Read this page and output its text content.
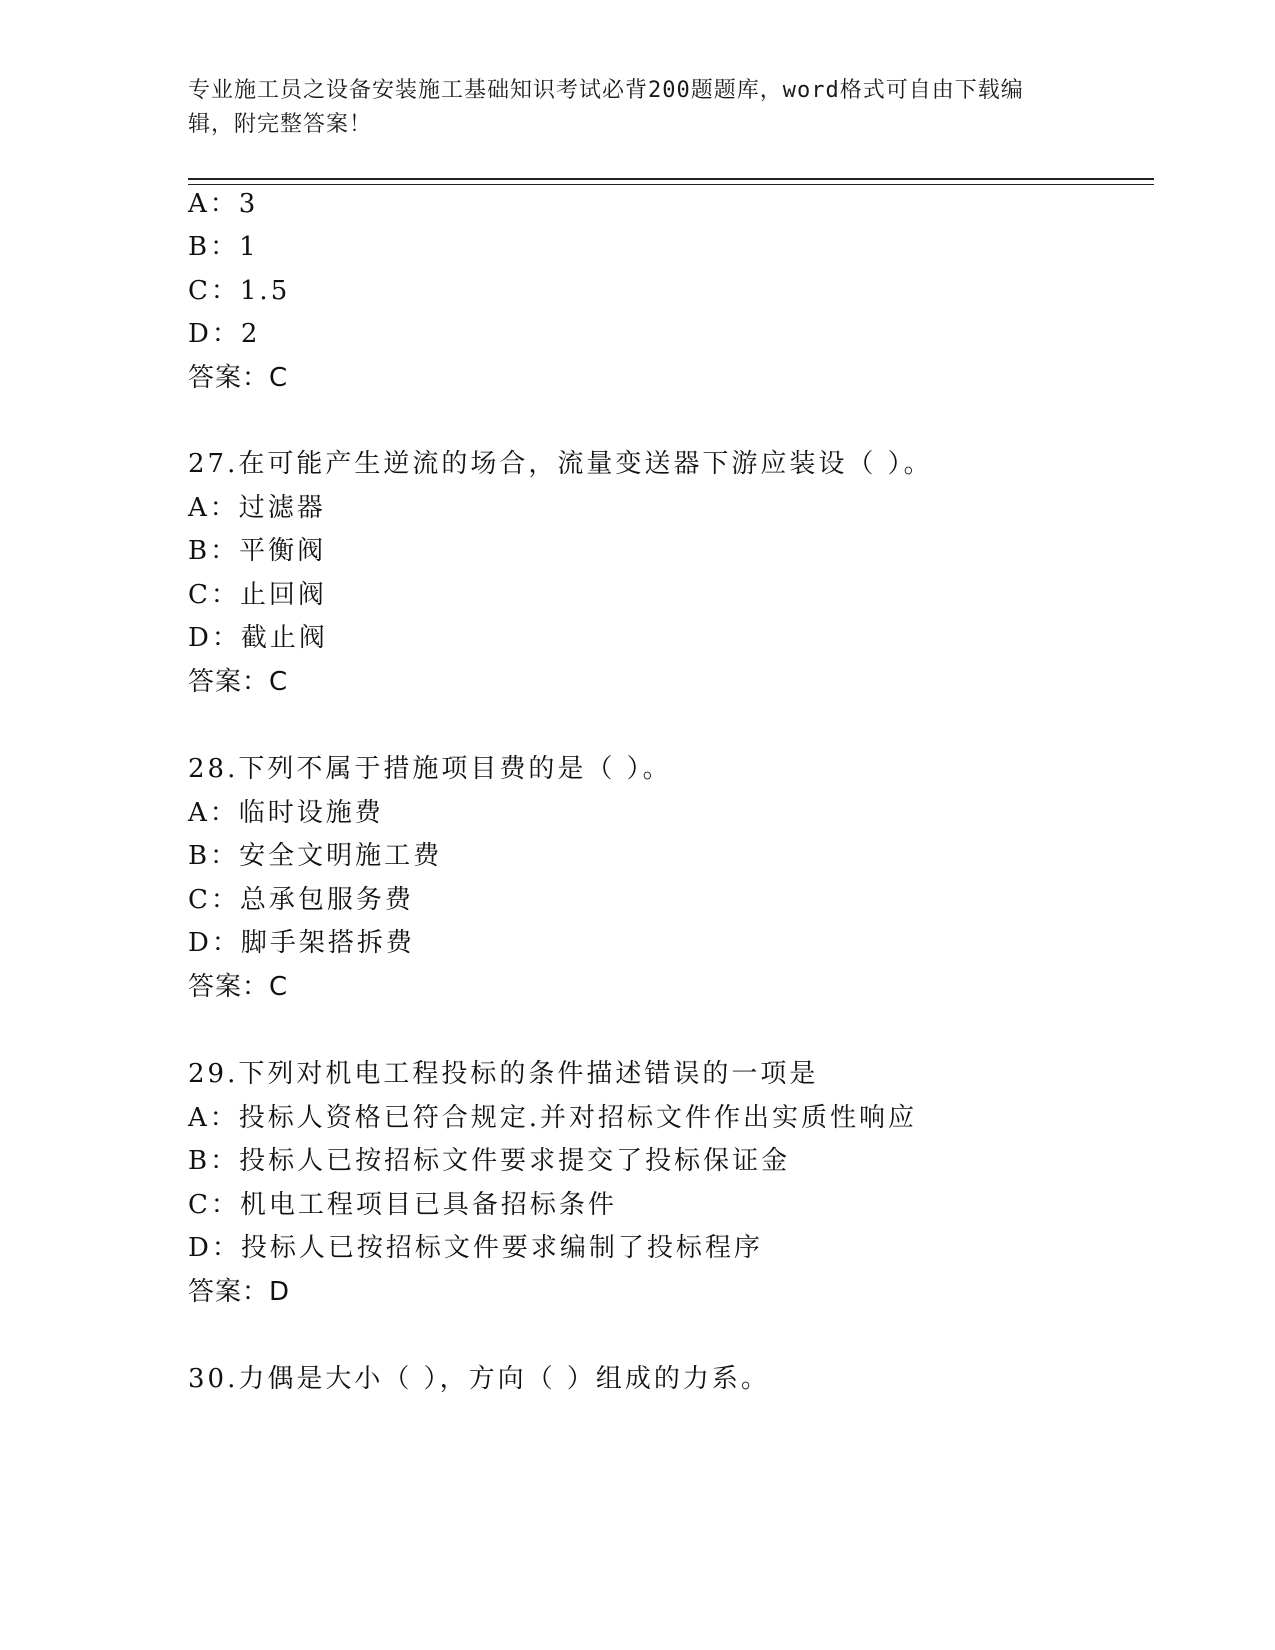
专业施工员之设备安装施工基础知识考试必背200题题库，word格式可自由下载编辑，附完整答案！
A：3
B：1
C：1.5
D：2
答案：C
27.在可能产生逆流的场合，流量变送器下游应装设（ ）。
A：过滤器
B：平衡阀
C：止回阀
D：截止阀
答案：C
28.下列不属于措施项目费的是（ ）。
A：临时设施费
B：安全文明施工费
C：总承包服务费
D：脚手架搭拆费
答案：C
29.下列对机电工程投标的条件描述错误的一项是
A：投标人资格已符合规定.并对招标文件作出实质性响应
B：投标人已按招标文件要求提交了投标保证金
C：机电工程项目已具备招标条件
D：投标人已按招标文件要求编制了投标程序
答案：D
30.力偶是大小（ ），方向（ ）组成的力系。
